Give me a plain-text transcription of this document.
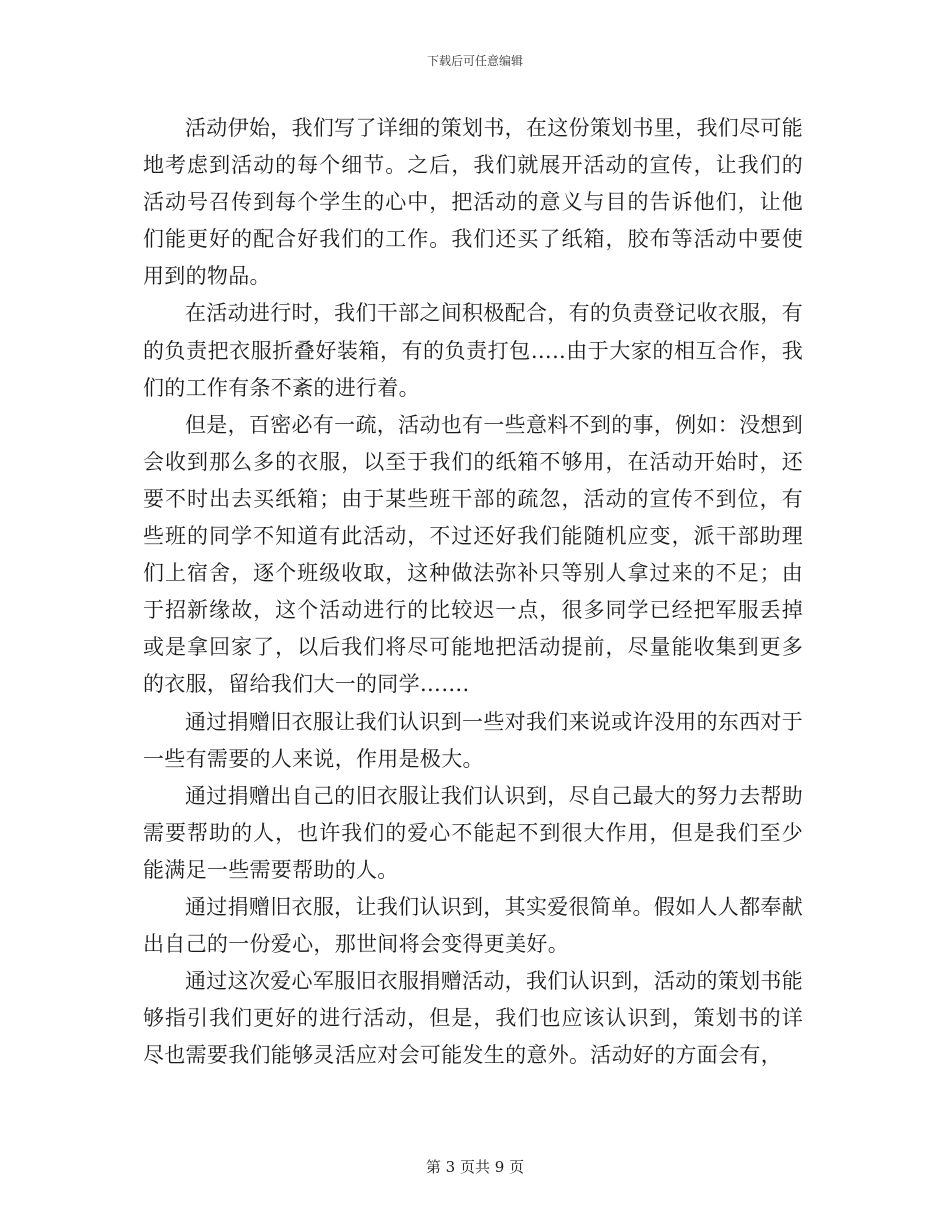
下载后可任意编辑

活动伊始，我们写了详细的策划书，在这份策划书里，我们尽可能地考虑到活动的每个细节。之后，我们就展开活动的宣传，让我们的活动号召传到每个学生的心中，把活动的意义与目的告诉他们，让他们能更好的配合好我们的工作。我们还买了纸箱，胶布等活动中要使用到的物品。

在活动进行时，我们干部之间积极配合，有的负责登记收衣服，有的负责把衣服折叠好装箱，有的负责打包…..由于大家的相互合作，我们的工作有条不紊的进行着。

但是，百密必有一疏，活动也有一些意料不到的事，例如：没想到会收到那么多的衣服，以至于我们的纸箱不够用，在活动开始时，还要不时出去买纸箱；由于某些班干部的疏忽，活动的宣传不到位，有些班的同学不知道有此活动，不过还好我们能随机应变，派干部助理们上宿舍，逐个班级收取，这种做法弥补只等别人拿过来的不足；由于招新缘故，这个活动进行的比较迟一点，很多同学已经把军服丢掉或是拿回家了，以后我们将尽可能地把活动提前，尽量能收集到更多的衣服，留给我们大一的同学…….

通过捐赠旧衣服让我们认识到一些对我们来说或许没用的东西对于一些有需要的人来说，作用是极大。

通过捐赠出自己的旧衣服让我们认识到，尽自己最大的努力去帮助需要帮助的人，也许我们的爱心不能起不到很大作用，但是我们至少能满足一些需要帮助的人。

通过捐赠旧衣服，让我们认识到，其实爱很简单。假如人人都奉献出自己的一份爱心，那世间将会变得更美好。

通过这次爱心军服旧衣服捐赠活动，我们认识到，活动的策划书能够指引我们更好的进行活动，但是，我们也应该认识到，策划书的详尽也需要我们能够灵活应对会可能发生的意外。活动好的方面会有，

第 3 页共 9 页
